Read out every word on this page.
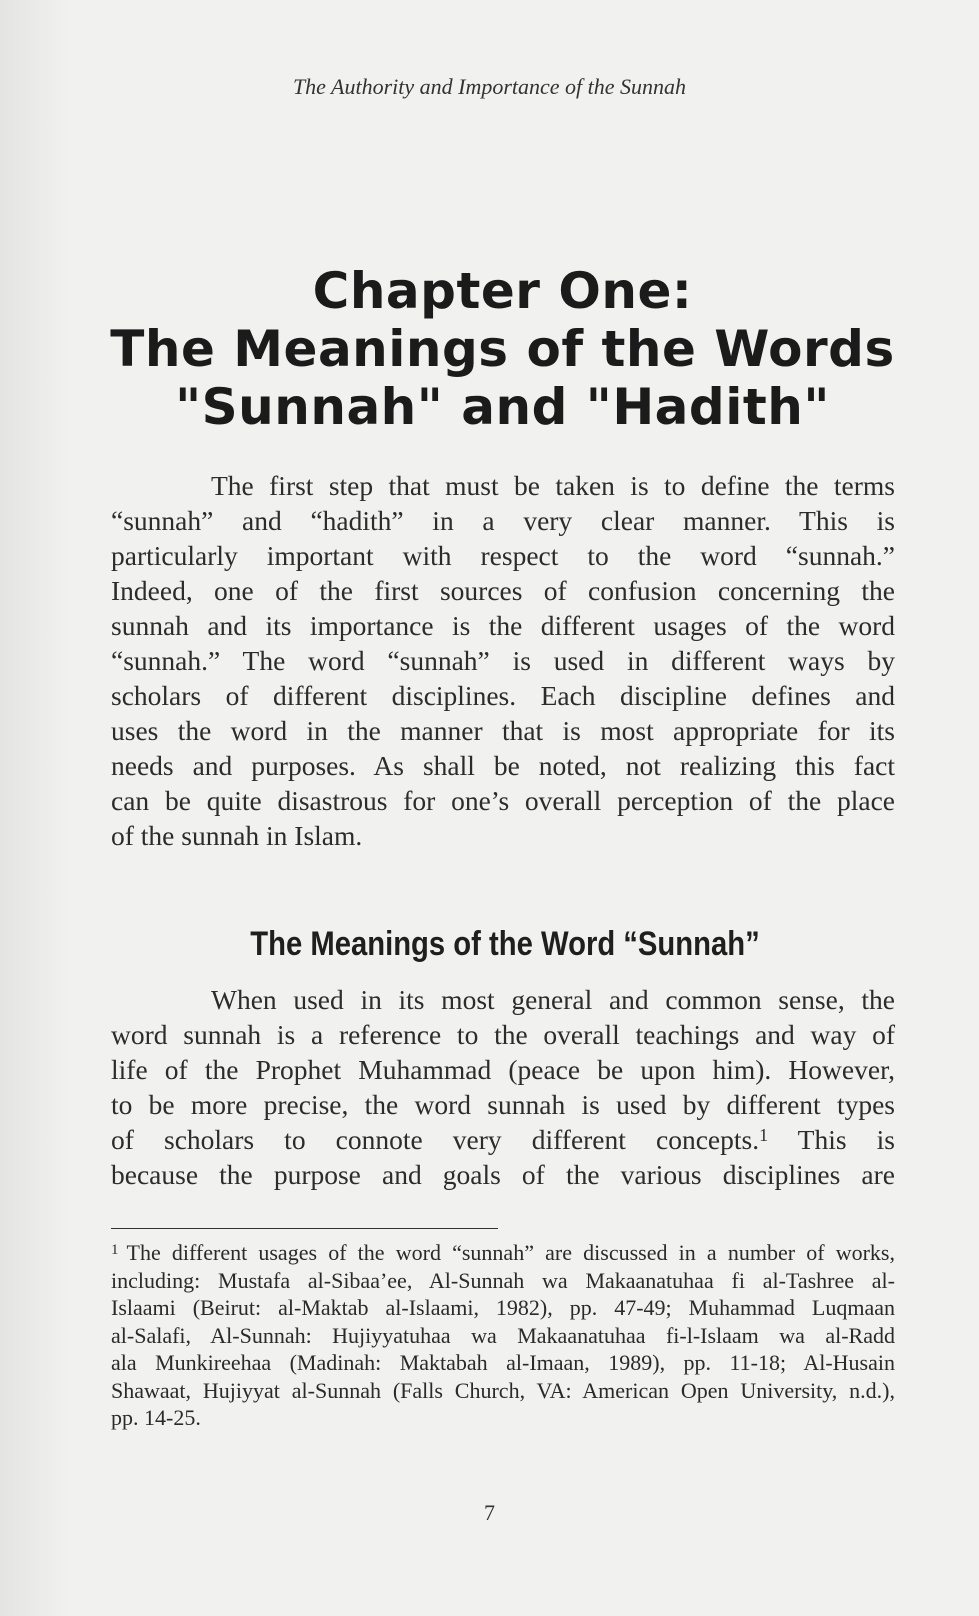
The Authority and Importance of the Sunnah
Chapter One:
The Meanings of the Words
"Sunnah" and "Hadith"
The first step that must be taken is to define the terms
“sunnah” and “hadith” in a very clear manner. This is
particularly important with respect to the word “sunnah.”
Indeed, one of the first sources of confusion concerning the
sunnah and its importance is the different usages of the word
“sunnah.” The word “sunnah” is used in different ways by
scholars of different disciplines. Each discipline defines and
uses the word in the manner that is most appropriate for its
needs and purposes. As shall be noted, not realizing this fact
can be quite disastrous for one’s overall perception of the place
of the sunnah in Islam.
The Meanings of the Word “Sunnah”
When used in its most general and common sense, the
word sunnah is a reference to the overall teachings and way of
life of the Prophet Muhammad (peace be upon him). However,
to be more precise, the word sunnah is used by different types
of scholars to connote very different concepts.$^1$ This is
because the purpose and goals of the various disciplines are
$^1$ The different usages of the word “sunnah” are discussed in a number of works,
including: Mustafa al-Sibaa’ee, Al-Sunnah wa Makaanatuhaa fi al-Tashree al-
Islaami (Beirut: al-Maktab al-Islaami, 1982), pp. 47-49; Muhammad Luqmaan
al-Salafi, Al-Sunnah: Hujiyyatuhaa wa Makaanatuhaa fi-l-Islaam wa al-Radd
ala Munkireehaa (Madinah: Maktabah al-Imaan, 1989), pp. 11-18; Al-Husain
Shawaat, Hujiyyat al-Sunnah (Falls Church, VA: American Open University, n.d.),
pp. 14-25.
7
